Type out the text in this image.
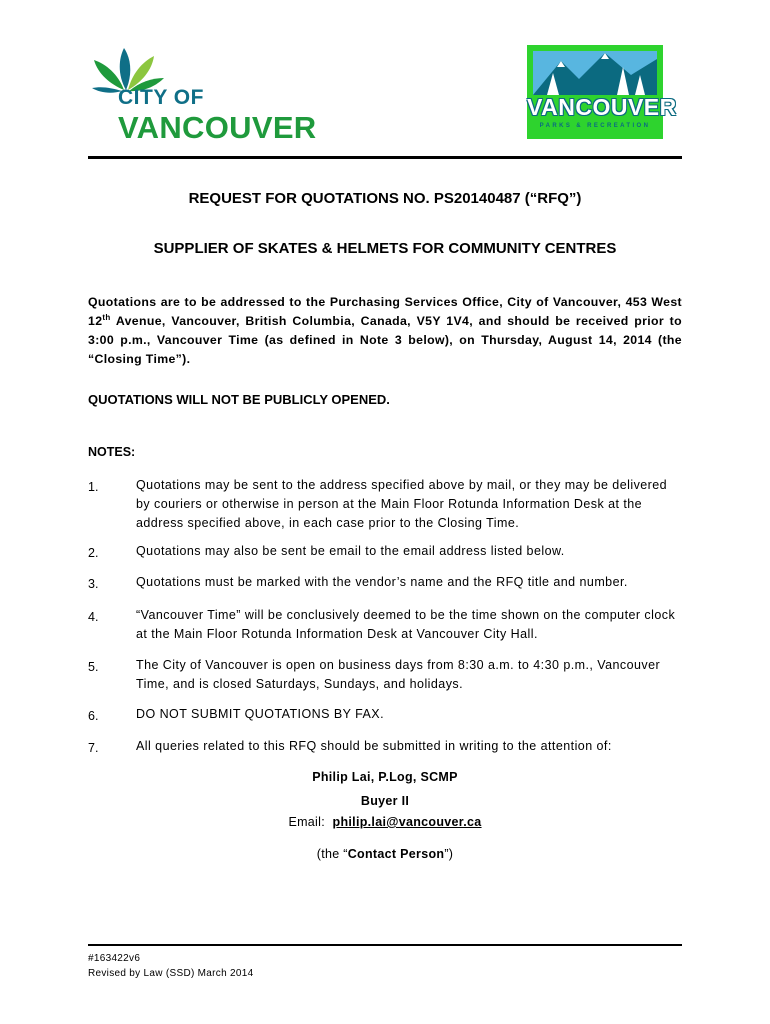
CITY OF
VANCOUVER
VANCOUVER
PARKS & RECREATION
REQUEST FOR QUOTATIONS NO. PS20140487 (“RFQ”)
SUPPLIER OF SKATES & HELMETS FOR COMMUNITY CENTRES
Quotations are to be addressed to the Purchasing Services Office, City of Vancouver, 453 West 12th Avenue, Vancouver, British Columbia, Canada, V5Y 1V4, and should be received prior to 3:00 p.m., Vancouver Time (as defined in Note 3 below), on Thursday, August 14, 2014 (the “Closing Time”).
QUOTATIONS WILL NOT BE PUBLICLY OPENED.
NOTES:
1.	Quotations may be sent to the address specified above by mail, or they may be delivered by couriers or otherwise in person at the Main Floor Rotunda Information Desk at the address specified above, in each case prior to the Closing Time.
2.	Quotations may also be sent be email to the email address listed below.
3.	Quotations must be marked with the vendor’s name and the RFQ title and number.
4.	“Vancouver Time” will be conclusively deemed to be the time shown on the computer clock at the Main Floor Rotunda Information Desk at Vancouver City Hall.
5.	The City of Vancouver is open on business days from 8:30 a.m. to 4:30 p.m., Vancouver Time, and is closed Saturdays, Sundays, and holidays.
6.	DO NOT SUBMIT QUOTATIONS BY FAX.
7.	All queries related to this RFQ should be submitted in writing to the attention of:
Philip Lai, P.Log, SCMP
Buyer II
Email: philip.lai@vancouver.ca
(the “Contact Person”)
#163422v6
Revised by Law (SSD) March 2014
